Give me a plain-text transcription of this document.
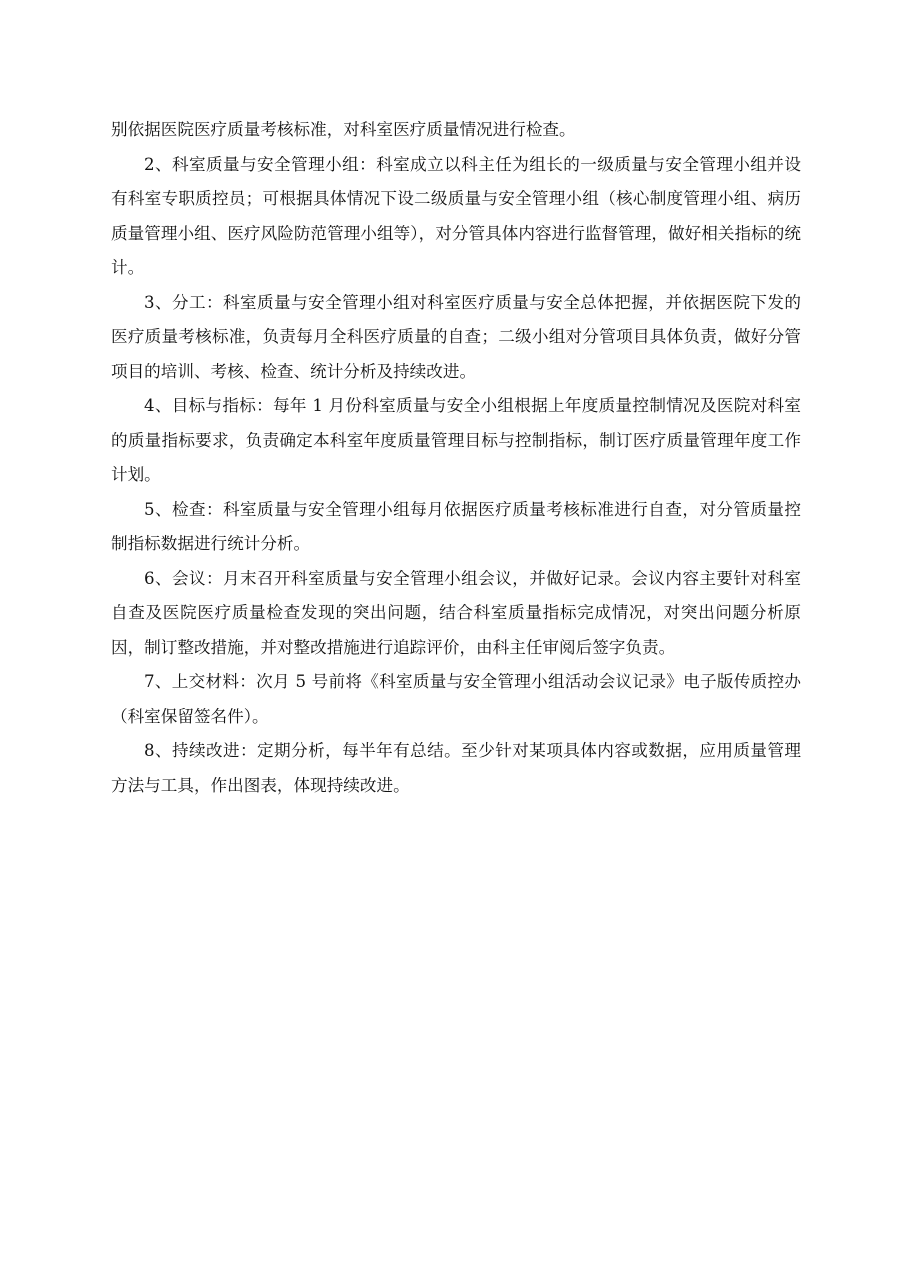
别依据医院医疗质量考核标准，对科室医疗质量情况进行检查。

2、科室质量与安全管理小组：科室成立以科主任为组长的一级质量与安全管理小组并设有科室专职质控员；可根据具体情况下设二级质量与安全管理小组（核心制度管理小组、病历质量管理小组、医疗风险防范管理小组等），对分管具体内容进行监督管理，做好相关指标的统计。

3、分工：科室质量与安全管理小组对科室医疗质量与安全总体把握，并依据医院下发的医疗质量考核标准，负责每月全科医疗质量的自查；二级小组对分管项目具体负责，做好分管项目的培训、考核、检查、统计分析及持续改进。

4、目标与指标：每年 1 月份科室质量与安全小组根据上年度质量控制情况及医院对科室的质量指标要求，负责确定本科室年度质量管理目标与控制指标，制订医疗质量管理年度工作计划。

5、检查：科室质量与安全管理小组每月依据医疗质量考核标准进行自查，对分管质量控制指标数据进行统计分析。

6、会议：月末召开科室质量与安全管理小组会议，并做好记录。会议内容主要针对科室自查及医院医疗质量检查发现的突出问题，结合科室质量指标完成情况，对突出问题分析原因，制订整改措施，并对整改措施进行追踪评价，由科主任审阅后签字负责。

7、上交材料：次月 5 号前将《科室质量与安全管理小组活动会议记录》电子版传质控办（科室保留签名件）。

8、持续改进：定期分析，每半年有总结。至少针对某项具体内容或数据，应用质量管理方法与工具，作出图表，体现持续改进。
